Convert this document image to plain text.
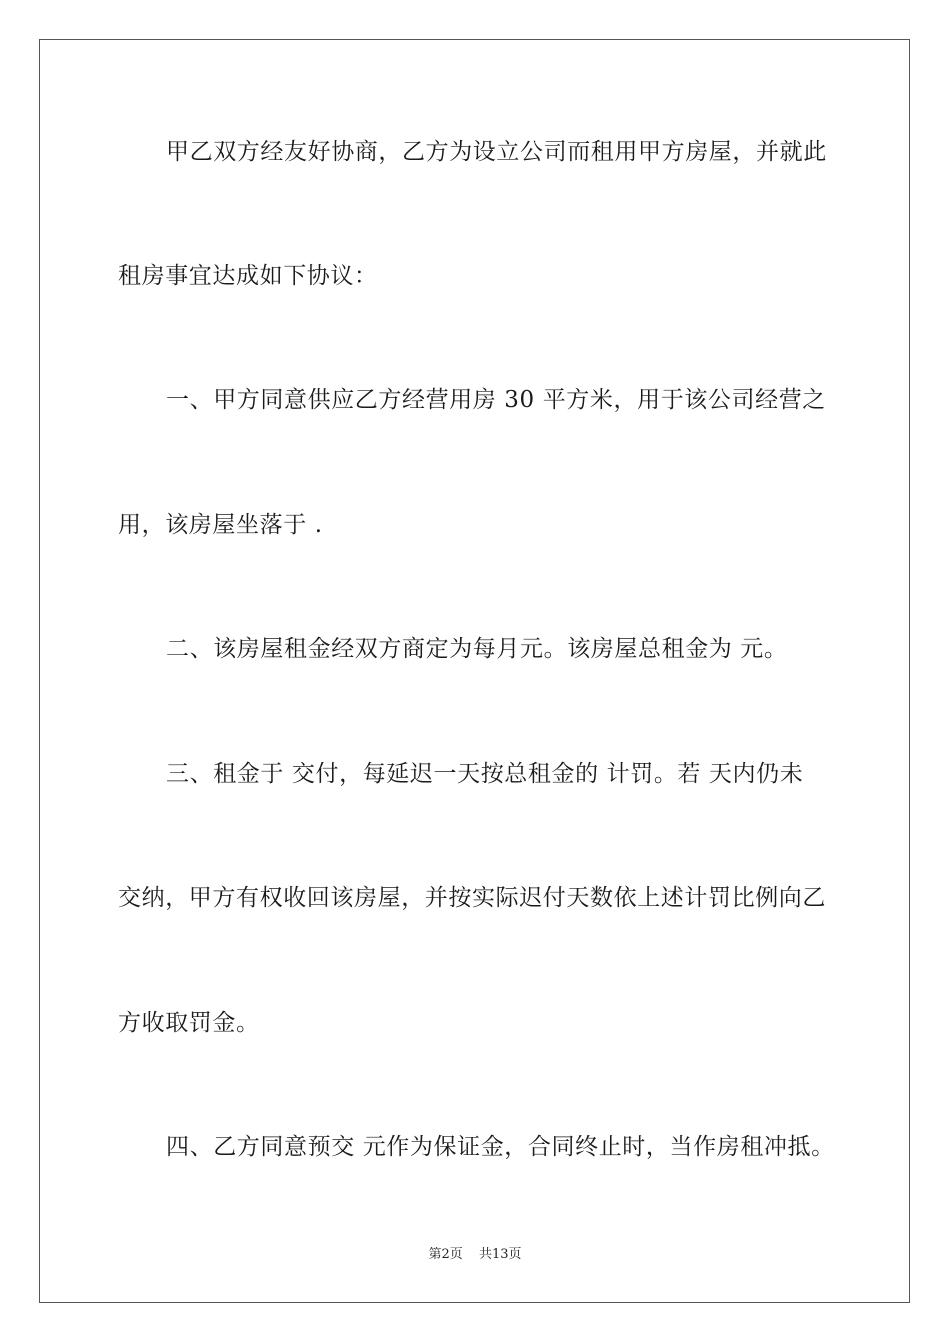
甲乙双方经友好协商，乙方为设立公司而租用甲方房屋，并就此
租房事宜达成如下协议：
一、甲方同意供应乙方经营用房 30 平方米，用于该公司经营之
用，该房屋坐落于 .
二、该房屋租金经双方商定为每月元。该房屋总租金为 元。
三、租金于 交付，每延迟一天按总租金的 计罚。若 天内仍未
交纳，甲方有权收回该房屋，并按实际迟付天数依上述计罚比例向乙
方收取罚金。
四、乙方同意预交 元作为保证金，合同终止时，当作房租冲抵。
第2页 共13页
